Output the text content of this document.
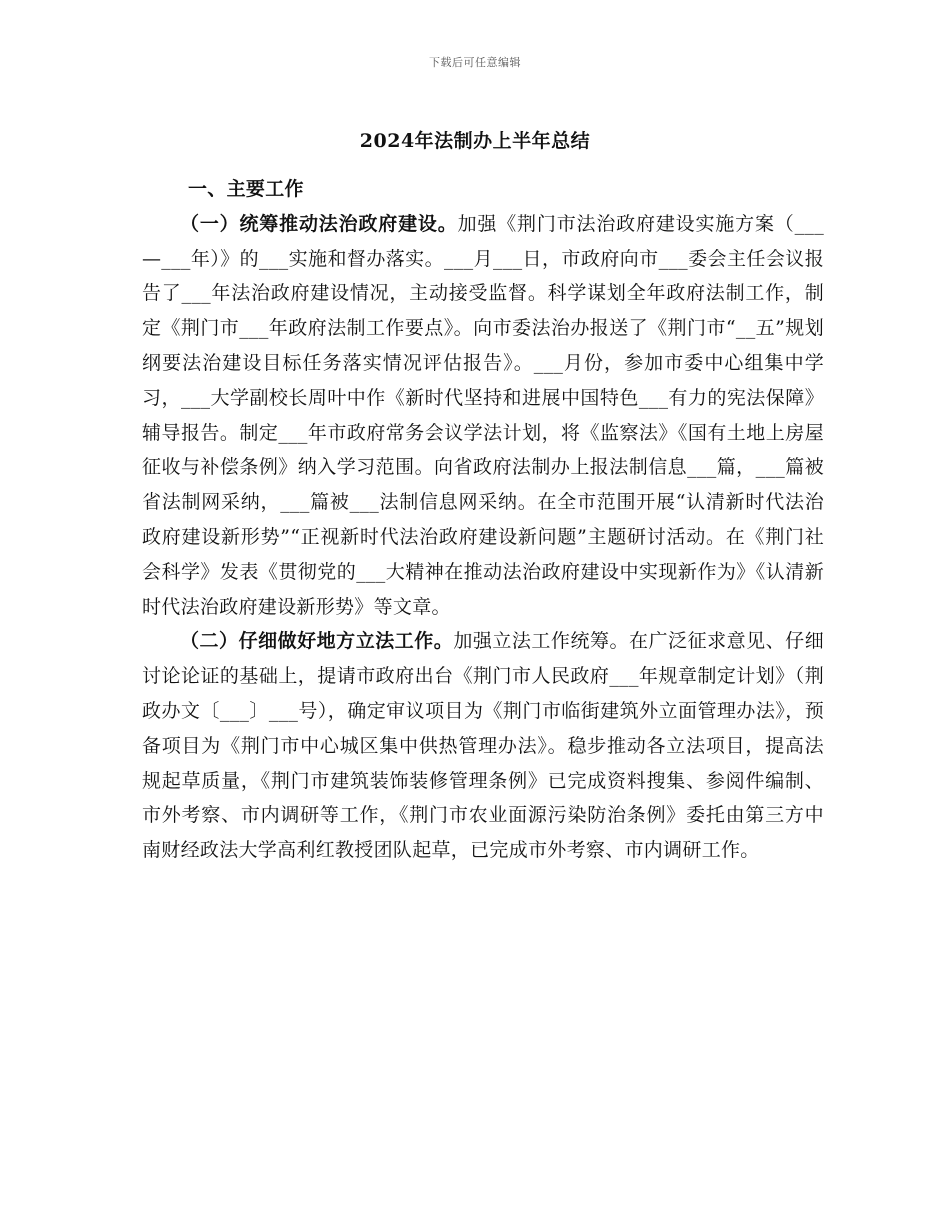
下载后可任意编辑
2024年法制办上半年总结

一、主要工作

（一）统筹推动法治政府建设。加强《荆门市法治政府建设实施方案（___—___年）》的___实施和督办落实。___月___日，市政府向市___委会主任会议报告了___年法治政府建设情况，主动接受监督。科学谋划全年政府法制工作，制定《荆门市___年政府法制工作要点》。向市委法治办报送了《荆门市“__五”规划纲要法治建设目标任务落实情况评估报告》。___月份，参加市委中心组集中学习，___大学副校长周叶中作《新时代坚持和进展中国特色___有力的宪法保障》辅导报告。制定___年市政府常务会议学法计划，将《监察法》《国有土地上房屋征收与补偿条例》纳入学习范围。向省政府法制办上报法制信息___篇，___篇被省法制网采纳，___篇被___法制信息网采纳。在全市范围开展“认清新时代法治政府建设新形势”“正视新时代法治政府建设新问题”主题研讨活动。在《荆门社会科学》发表《贯彻党的___大精神在推动法治政府建设中实现新作为》《认清新时代法治政府建设新形势》等文章。

（二）仔细做好地方立法工作。加强立法工作统筹。在广泛征求意见、仔细讨论论证的基础上，提请市政府出台《荆门市人民政府___年规章制定计划》（荆政办文〔___〕___号），确定审议项目为《荆门市临街建筑外立面管理办法》，预备项目为《荆门市中心城区集中供热管理办法》。稳步推动各立法项目，提高法规起草质量，《荆门市建筑装饰装修管理条例》已完成资料搜集、参阅件编制、市外考察、市内调研等工作，《荆门市农业面源污染防治条例》委托由第三方中南财经政法大学高利红教授团队起草，已完成市外考察、市内调研工作。
